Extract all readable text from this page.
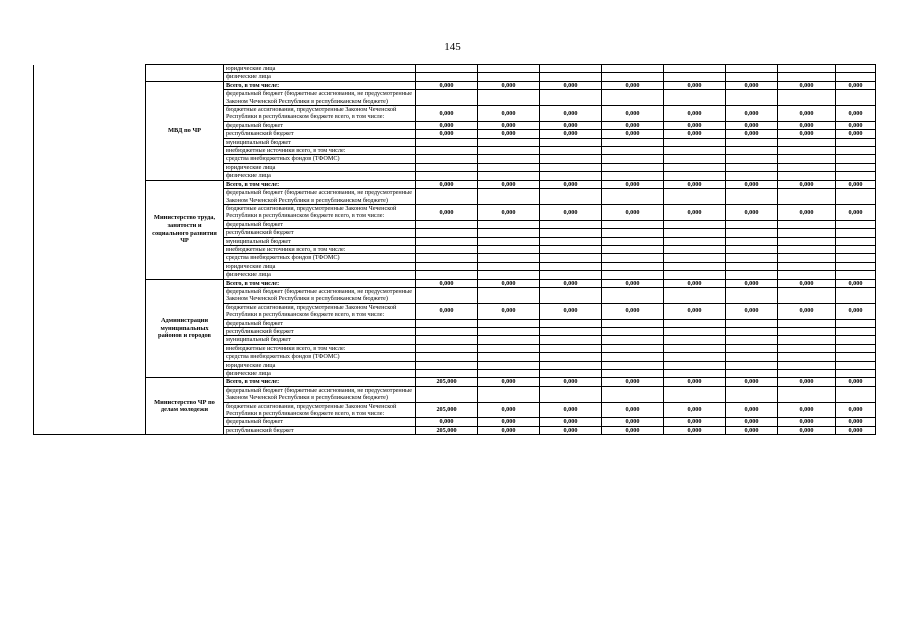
145
		юридические лица								
		физические лица								
	МВД по ЧР	Всего, в том числе:	0,000	0,000	0,000	0,000	0,000	0,000	0,000	0,000
		федеральный бюджет (бюджетные ассигнования, не предусмотренные Законом Чеченской Республики в республиканском бюджете)								
		бюджетные ассигнования, предусмотренные Законом Чеченской Республики в республиканском бюджете всего, в том числе:	0,000	0,000	0,000	0,000	0,000	0,000	0,000	0,000
		федеральный бюджет	0,000	0,000	0,000	0,000	0,000	0,000	0,000	0,000
		республиканский бюджет	0,000	0,000	0,000	0,000	0,000	0,000	0,000	0,000
		муниципальный бюджет								
		внебюджетные источники всего, в том числе:								
		средства внебюджетных фондов (ТФОМС)								
		юридические лица								
		физические лица								
	Министерство труда, занятости и социального развития ЧР	Всего, в том числе:	0,000	0,000	0,000	0,000	0,000	0,000	0,000	0,000
		федеральный бюджет (бюджетные ассигнования, не предусмотренные Законом Чеченской Республики в республиканском бюджете)								
		бюджетные ассигнования, предусмотренные Законом Чеченской Республики в республиканском бюджете всего, в том числе:	0,000	0,000	0,000	0,000	0,000	0,000	0,000	0,000
		федеральный бюджет								
		республиканский бюджет								
		муниципальный бюджет								
		внебюджетные источники всего, в том числе:								
		средства внебюджетных фондов (ТФОМС)								
		юридические лица								
		физические лица								
	Администрации муниципальных районов и городов	Всего, в том числе:	0,000	0,000	0,000	0,000	0,000	0,000	0,000	0,000
		федеральный бюджет (бюджетные ассигнования, не предусмотренные Законом Чеченской Республики в республиканском бюджете)								
		бюджетные ассигнования, предусмотренные Законом Чеченской Республики в республиканском бюджете всего, в том числе:	0,000	0,000	0,000	0,000	0,000	0,000	0,000	0,000
		федеральный бюджет								
		республиканский бюджет								
		муниципальный бюджет								
		внебюджетные источники всего, в том числе:								
		средства внебюджетных фондов (ТФОМС)								
		юридические лица								
		физические лица								
	Министерство ЧР по делам молодежи	Всего, в том числе:	205,000	0,000	0,000	0,000	0,000	0,000	0,000	0,000
		федеральный бюджет (бюджетные ассигнования, не предусмотренные Законом Чеченской Республики в республиканском бюджете)								
		бюджетные ассигнования, предусмотренные Законом Чеченской Республики в республиканском бюджете всего, в том числе:	205,000	0,000	0,000	0,000	0,000	0,000	0,000	0,000
		федеральный бюджет	0,000	0,000	0,000	0,000	0,000	0,000	0,000	0,000
		республиканский бюджет	205,000	0,000	0,000	0,000	0,000	0,000	0,000	0,000
